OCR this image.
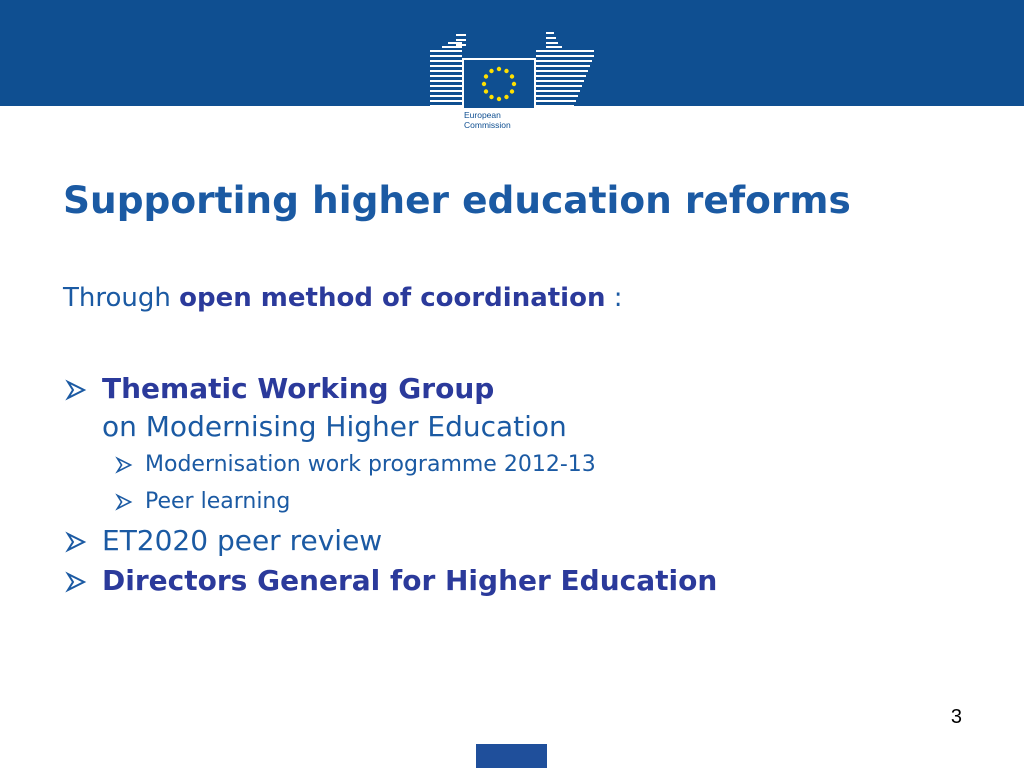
European
Commission
Supporting higher education reforms
Through open method of coordination :
Thematic Working Group
on Modernising Higher Education
Modernisation work programme 2012-13
Peer learning
ET2020 peer review
Directors General for Higher Education
3
